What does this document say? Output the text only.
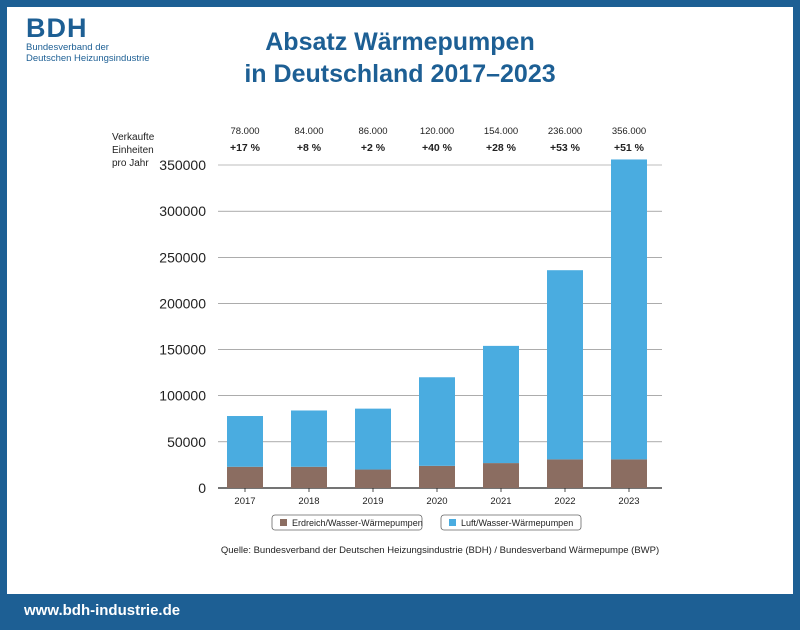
BDH
Bundesverband der
Deutschen Heizungsindustrie
Absatz Wärmepumpen
in Deutschland 2017–2023
Verkaufte
Einheiten
pro Jahr
0
50000
100000
150000
200000
250000
300000
350000
78.000
+17 %
84.000
+8 %
86.000
+2 %
120.000
+40 %
154.000
+28 %
236.000
+53 %
356.000
+51 %
2017	2018	2019	2020	2021	2022	2023
Erdreich/Wasser-Wärmepumpen	Luft/Wasser-Wärmepumpen
Quelle: Bundesverband der Deutschen Heizungsindustrie (BDH) / Bundesverband Wärmepumpe (BWP)
www.bdh-industrie.de
